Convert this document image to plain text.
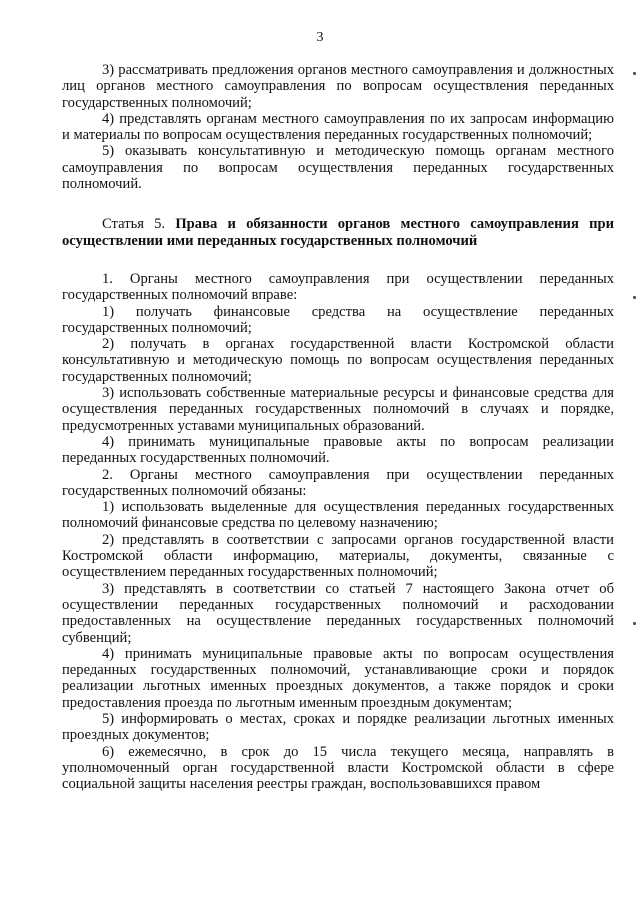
3

3) рассматривать предложения органов местного самоуправления и должностных лиц органов местного самоуправления по вопросам осуществления переданных государственных полномочий;

4) представлять органам местного самоуправления по их запросам информацию и материалы по вопросам осуществления переданных государственных полномочий;

5) оказывать консультативную и методическую помощь органам местного самоуправления по вопросам осуществления переданных государственных полномочий.

Статья 5. Права и обязанности органов местного самоуправления при осуществлении ими переданных государственных полномочий

1. Органы местного самоуправления при осуществлении переданных государственных полномочий вправе:

1) получать финансовые средства на осуществление переданных государственных полномочий;

2) получать в органах государственной власти Костромской области консультативную и методическую помощь по вопросам осуществления переданных государственных полномочий;

3) использовать собственные материальные ресурсы и финансовые средства для осуществления переданных государственных полномочий в случаях и порядке, предусмотренных уставами муниципальных образований.

4) принимать муниципальные правовые акты по вопросам реализации переданных государственных полномочий.

2. Органы местного самоуправления при осуществлении переданных государственных полномочий обязаны:

1) использовать выделенные для осуществления переданных государственных полномочий финансовые средства по целевому назначению;

2) представлять в соответствии с запросами органов государственной власти Костромской области информацию, материалы, документы, связанные с осуществлением переданных государственных полномочий;

3) представлять в соответствии со статьей 7 настоящего Закона отчет об осуществлении переданных государственных полномочий и расходовании предоставленных на осуществление переданных государственных полномочий субвенций;

4) принимать муниципальные правовые акты по вопросам осуществления переданных государственных полномочий, устанавливающие сроки и порядок реализации льготных именных проездных документов, а также порядок и сроки предоставления проезда по льготным именным проездным документам;

5) информировать о местах, сроках и порядке реализации льготных именных проездных документов;

6) ежемесячно, в срок до 15 числа текущего месяца, направлять в уполномоченный орган государственной власти Костромской области в сфере социальной защиты населения реестры граждан, воспользовавшихся правом
